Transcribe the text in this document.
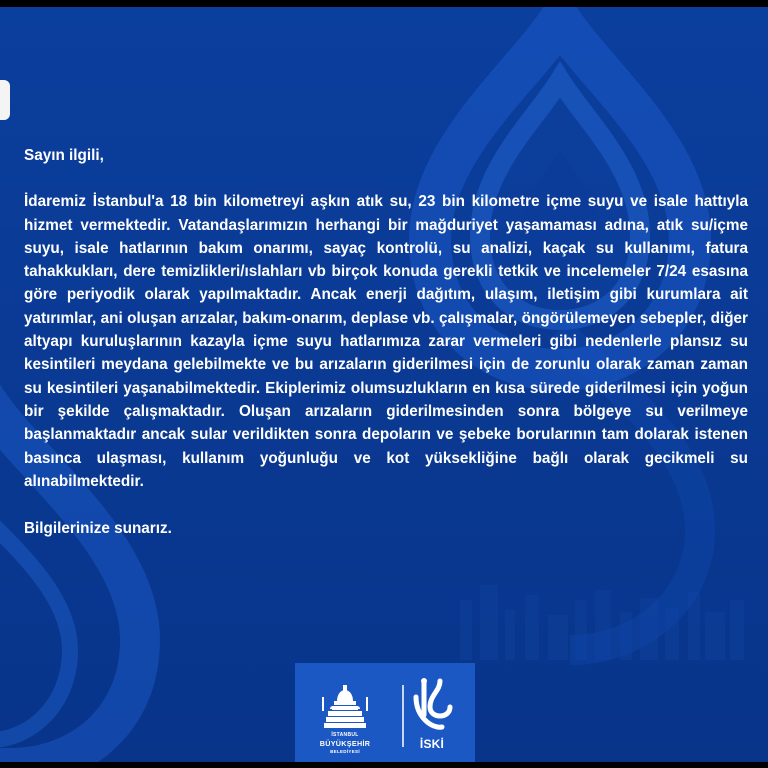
Sayın ilgili,

İdaremiz İstanbul'a 18 bin kilometreyi aşkın atık su, 23 bin kilometre içme suyu ve isale hattıyla hizmet vermektedir. Vatandaşlarımızın herhangi bir mağduriyet yaşamaması adına, atık su/içme suyu, isale hatlarının bakım onarımı, sayaç kontrolü, su analizi, kaçak su kullanımı, fatura tahakkukları, dere temizlikleri/ıslahları vb birçok konuda gerekli tetkik ve incelemeler 7/24 esasına göre periyodik olarak yapılmaktadır. Ancak enerji dağıtım, ulaşım, iletişim gibi kurumlara ait yatırımlar, ani oluşan arızalar, bakım-onarım, deplase vb. çalışmalar, öngörülemeyen sebepler, diğer altyapı kuruluşlarının kazayla içme suyu hatlarımıza zarar vermeleri gibi nedenlerle plansız su kesintileri meydana gelebilmekte ve bu arızaların giderilmesi için de zorunlu olarak zaman zaman su kesintileri yaşanabilmektedir. Ekiplerimiz olumsuzlukların en kısa sürede giderilmesi için yoğun bir şekilde çalışmaktadır. Oluşan arızaların giderilmesinden sonra bölgeye su verilmeye başlanmaktadır ancak sular verildikten sonra depoların ve şebeke borularının tam dolarak istenen basınca ulaşması, kullanım yoğunluğu ve kot yüksekliğine bağlı olarak gecikmeli su alınabilmektedir.

Bilgilerinize sunarız.

İSTANBUL
BÜYÜKŞEHİR
BELEDİYESİ
İSKİ
